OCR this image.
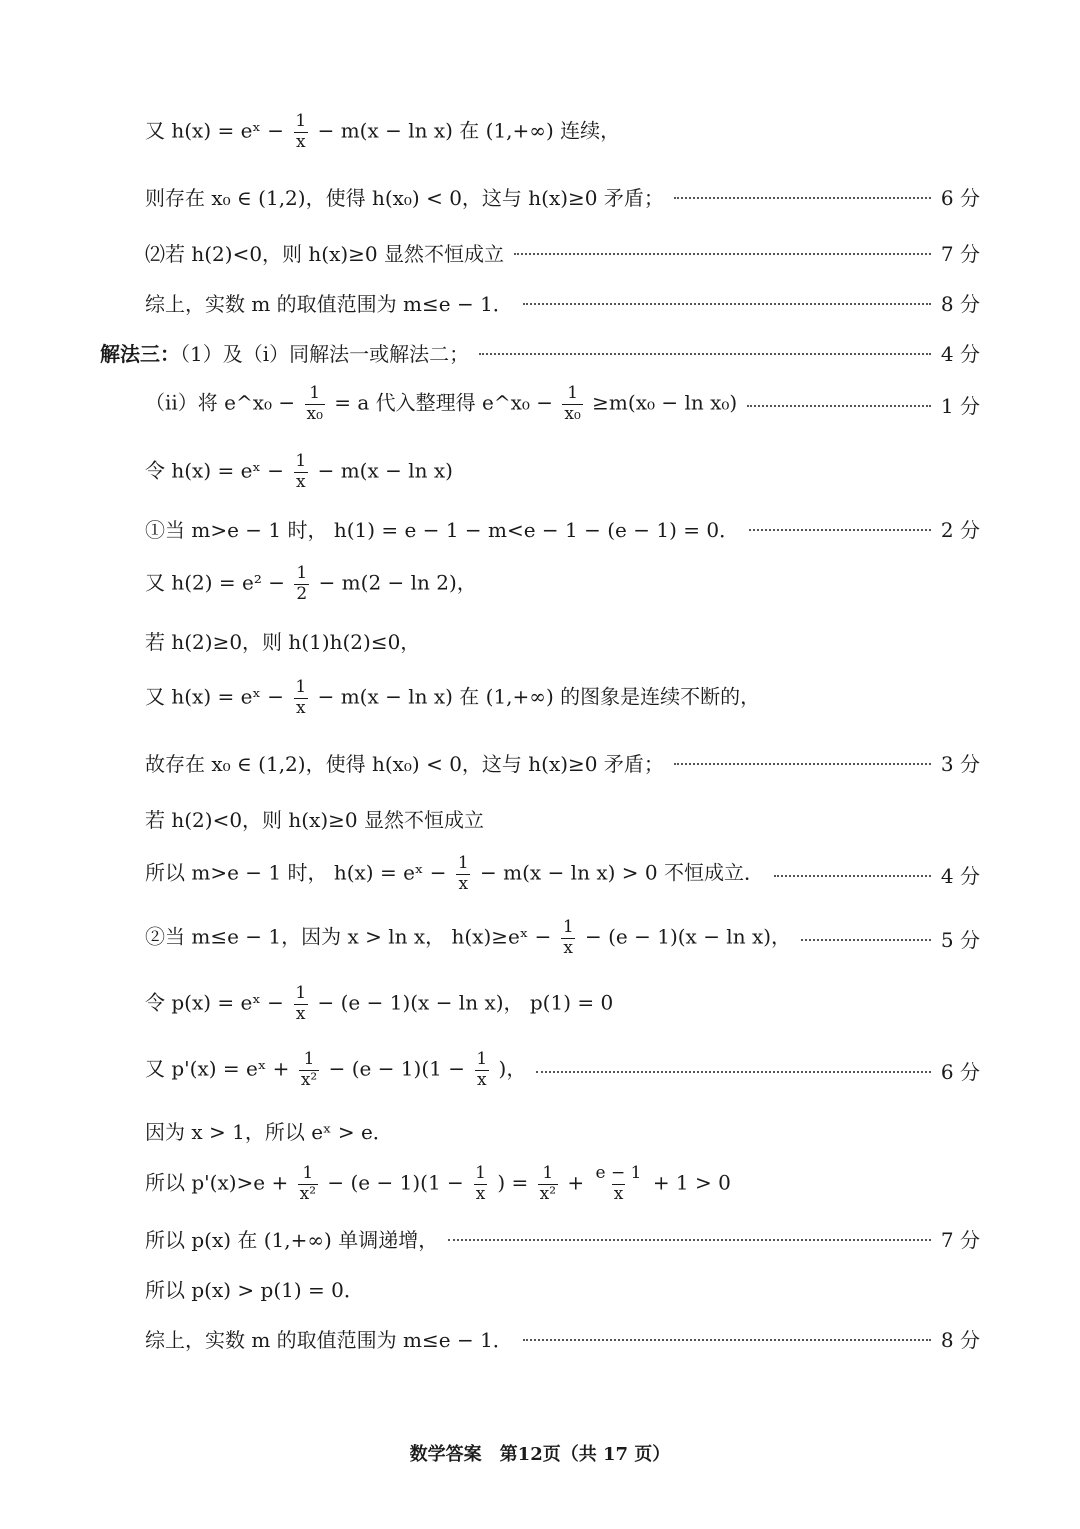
又 h(x) = eˣ − $\frac{1}{x} - m(x - \ln x)$ 在 (1,+∞) 连续，
则存在 x₀ ∈ (1,2)，使得 h(x₀) < 0，这与 h(x)≥0 矛盾；	6 分
⑵若 h(2)<0，则 h(x)≥0 显然不恒成立	7 分
综上，实数 m 的取值范围为 m≤e − 1．	8 分
解法三：（1）及（i）同解法一或解法二；	4 分
（ii）将 e^x₀ − $\frac{1}{\text{x₀}} = a$ 代入整理得 e^x₀ − $\frac{1}{\text{x₀}} \ge m(x_0 - \ln x_0)$	1 分
令 h(x) = eˣ − $\frac{1}{x} - m(x - \ln x)$
①当 m>e − 1 时， h(1) = e − 1 − m<e − 1 − (e − 1) = 0．	2 分
又 $h(2) = e^2 - \frac{1}{2} - m(2 - \ln 2)$，
若 h(2)≥0，则 h(1)h(2)≤0，
又 h(x) = eˣ − $\frac{1}{x} - m(x - \ln x)$ 在 (1,+∞) 的图象是连续不断的，
故存在 x₀ ∈ (1,2)，使得 h(x₀) < 0，这与 h(x)≥0 矛盾；	3 分
若 h(2)<0，则 h(x)≥0 显然不恒成立
所以 m>e − 1 时， h(x) = eˣ − $\frac{1}{x} - m(x - \ln x) > 0$ 不恒成立．	4 分
②当 m≤e − 1，因为 x > ln x， h(x)≥eˣ − $\frac{1}{x} - (e - 1)(x - \ln x)$，	5 分
令 p(x) = eˣ − $\frac{1}{x} - (e - 1)(x - \ln x)$， p(1) = 0
又 p'(x) = eˣ + $\frac{1}{\text{x²}} - (e - 1)(1 - \frac{1}{x}$ )，	6 分
因为 x > 1，所以 eˣ > e．
所以 $p'(x)>e + \frac{1}{\text{x²}} - (e - 1)(1 - \frac{1}{x}$ ) = $\frac{1}{\text{x²}} + \frac{e - 1}{x} + 1 > 0$
所以 p(x) 在 (1,+∞) 单调递增，	7 分
所以 p(x) > p(1) = 0．
综上，实数 m 的取值范围为 m≤e − 1．	8 分
数学答案　第12页（共 17 页）
